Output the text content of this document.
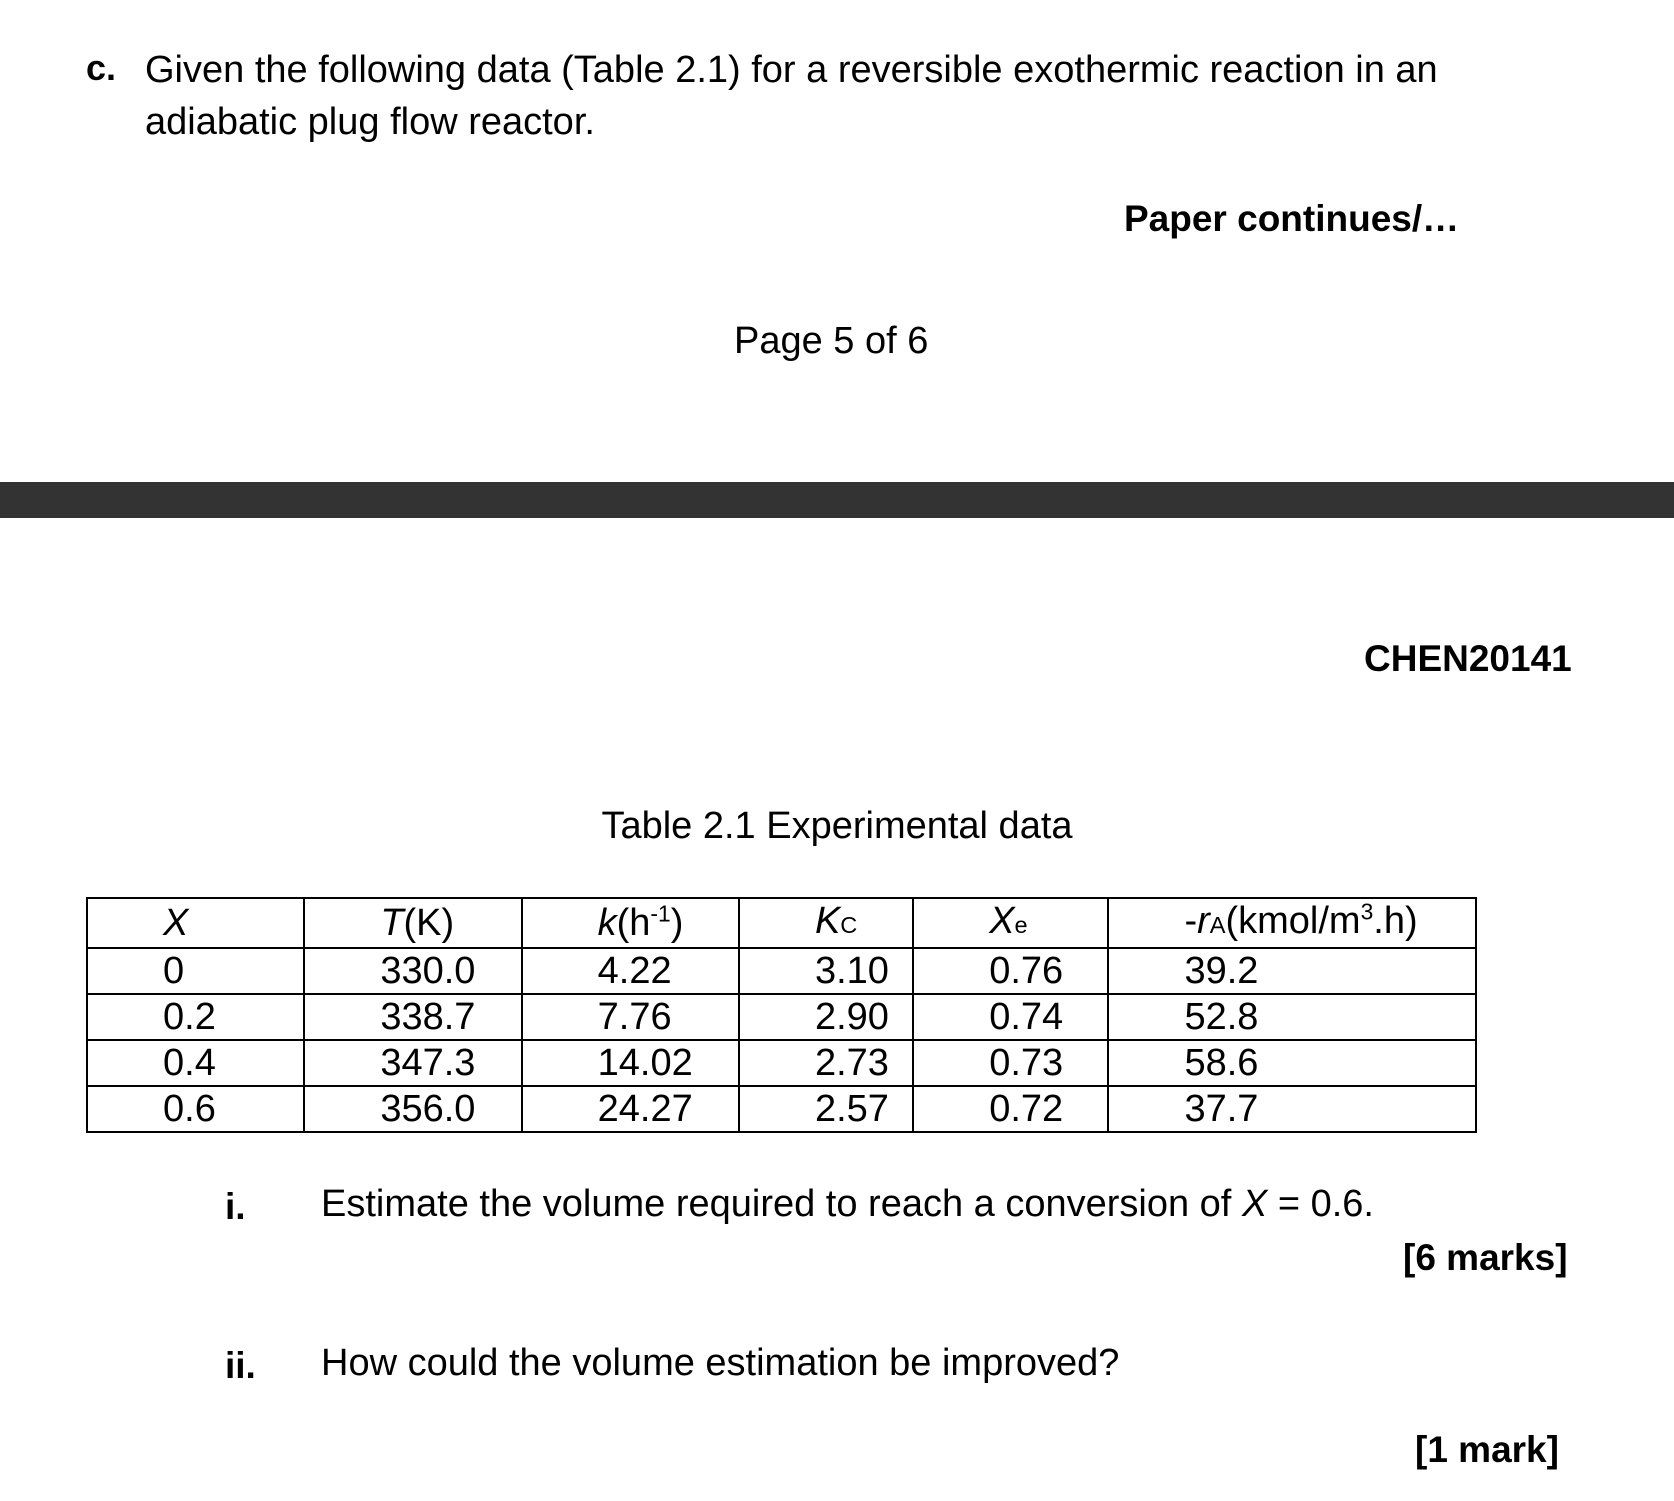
c. Given the following data (Table 2.1) for a reversible exothermic reaction in an adiabatic plug flow reactor.
Paper continues/…
Page 5 of 6
CHEN20141
Table 2.1 Experimental data
X	T(K)	$k(h^{-1})$	KC	Xe	$-rA(kmol/m^3.h)$
0	330.0	4.22	3.10	0.76	39.2
0.2	338.7	7.76	2.90	0.74	52.8
0.4	347.3	14.02	2.73	0.73	58.6
0.6	356.0	24.27	2.57	0.72	37.7
i. Estimate the volume required to reach a conversion of X = 0.6.
[6 marks]
ii. How could the volume estimation be improved?
[1 mark]
